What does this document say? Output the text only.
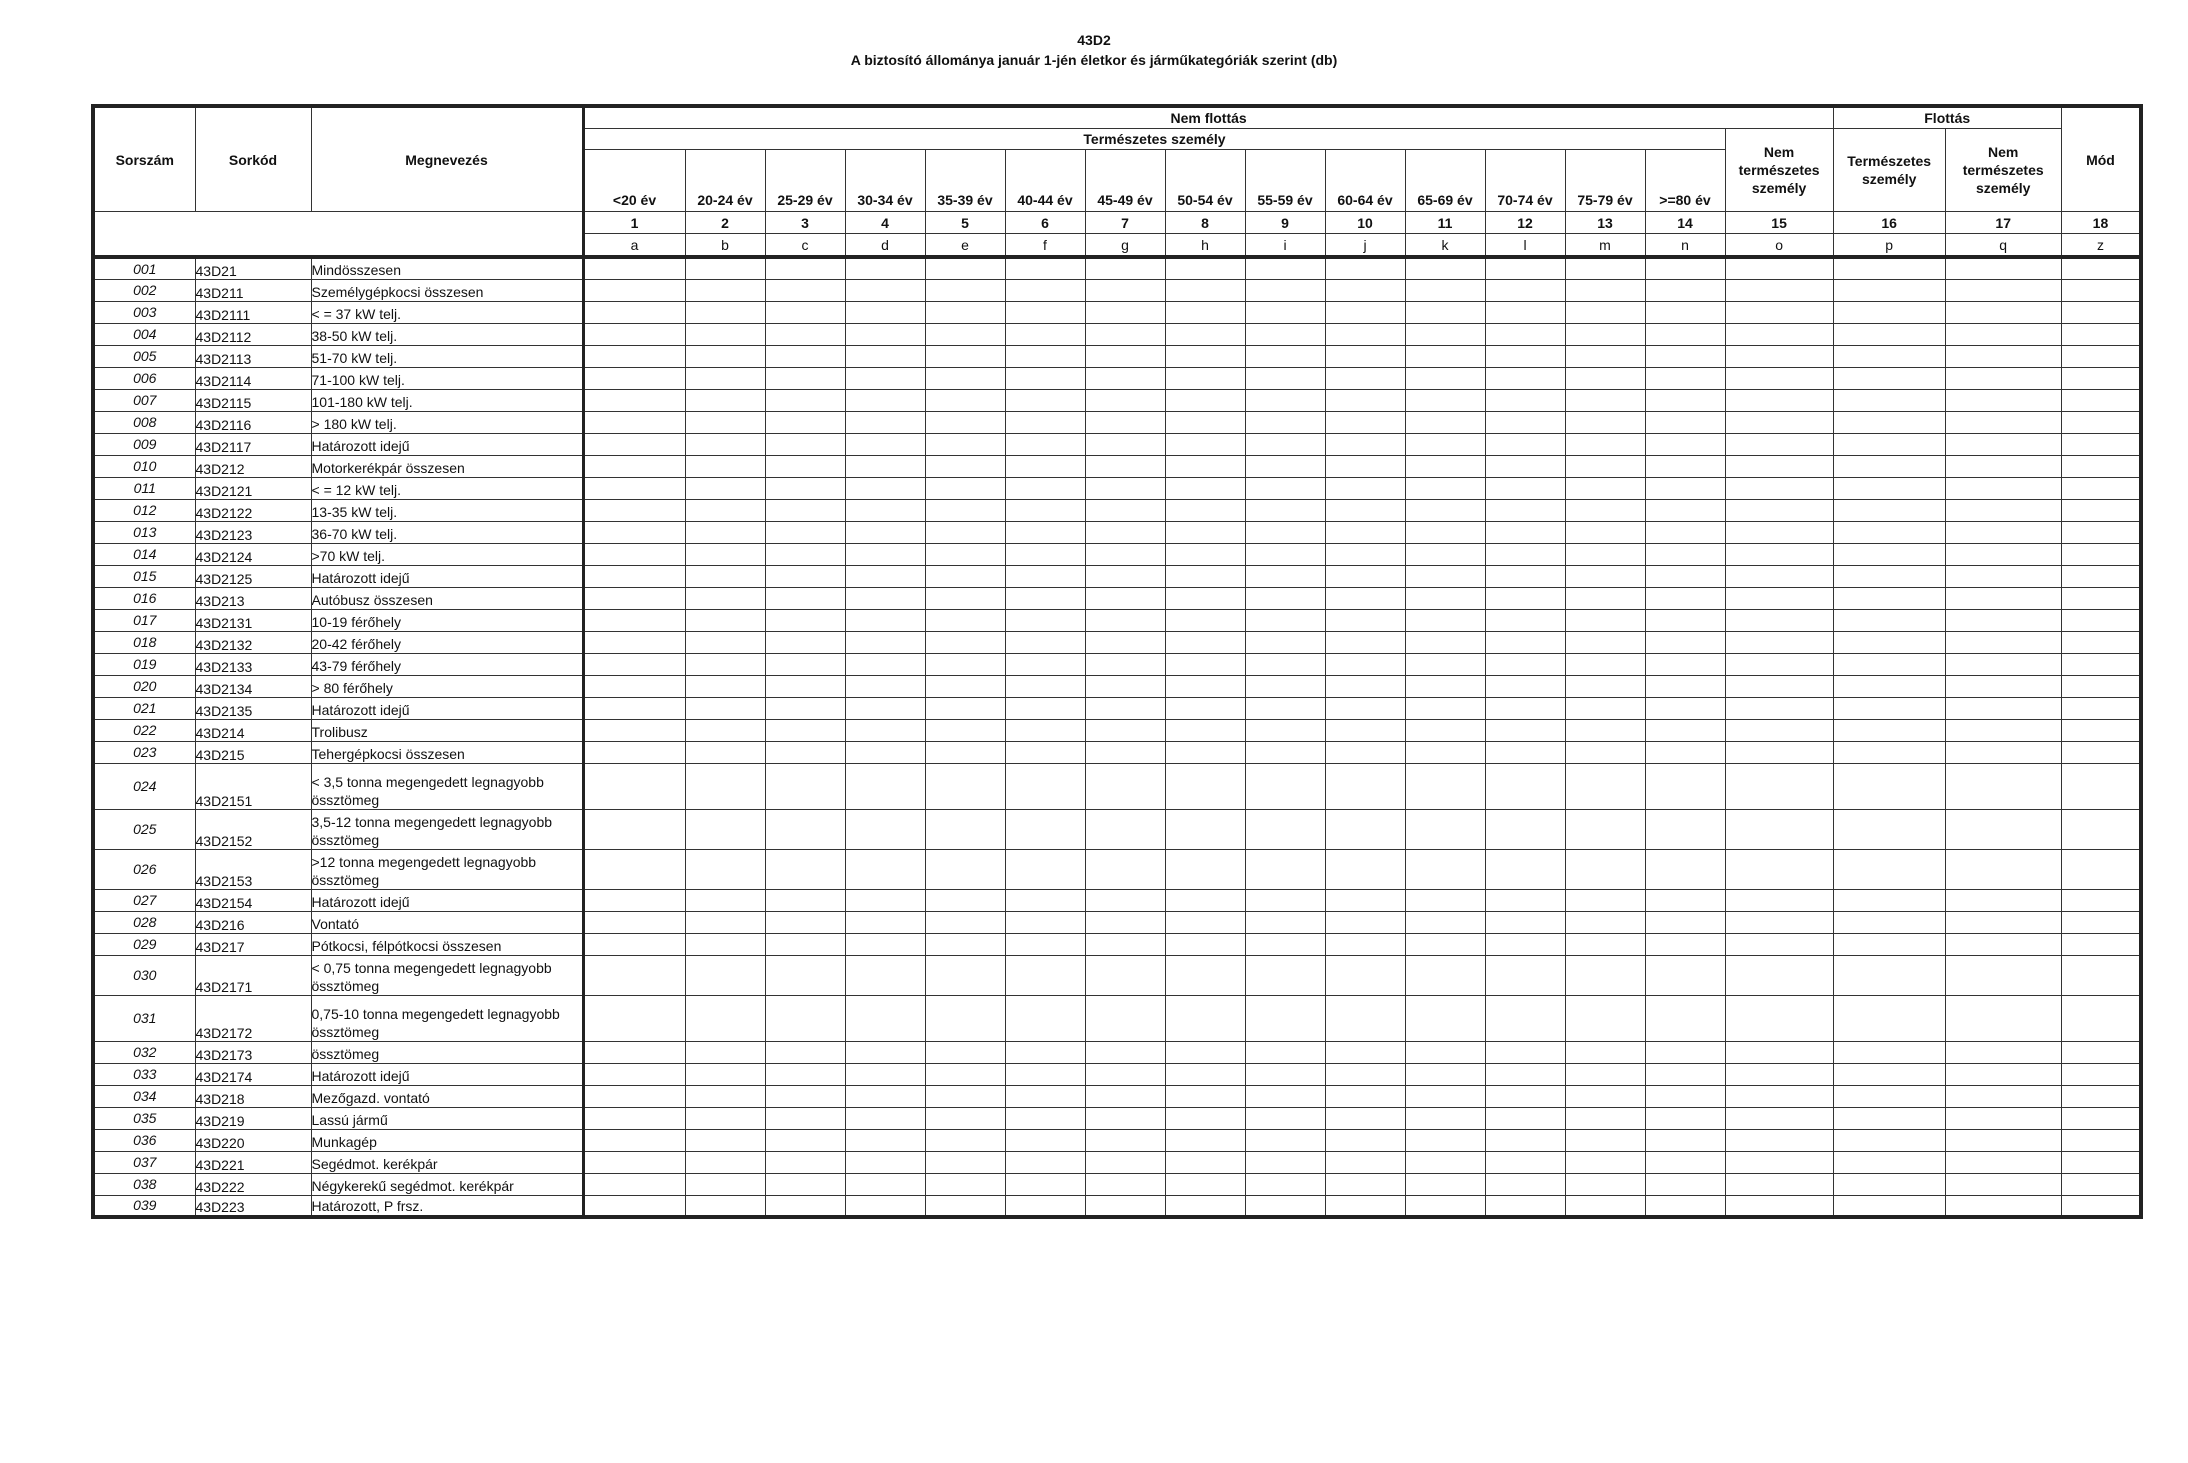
43D2
A biztosító állománya január 1-jén életkor és járműkategóriák szerint (db)
Sorszám	Sorkód	Megnevezés	Nem flottás															Flottás		Mód
			Természetes személy														Nem természetes személy	Természetes személy	Nem természetes személy	
			<20 év	20-24 év	25-29 év	30-34 év	35-39 év	40-44 év	45-49 év	50-54 év	55-59 év	60-64 év	65-69 év	70-74 év	75-79 év	>=80 év				
			1	2	3	4	5	6	7	8	9	10	11	12	13	14	15	16	17	18
			a	b	c	d	e	f	g	h	i	j	k	l	m	n	o	p	q	z
001	43D21	Mindösszesen																		
002	43D211	Személygépkocsi összesen																		
003	43D2111	< = 37 kW telj.																		
004	43D2112	38-50 kW telj.																		
005	43D2113	51-70 kW telj.																		
006	43D2114	71-100 kW telj.																		
007	43D2115	101-180 kW telj.																		
008	43D2116	> 180 kW telj.																		
009	43D2117	Határozott idejű																		
010	43D212	Motorkerékpár összesen																		
011	43D2121	< = 12 kW telj.																		
012	43D2122	13-35 kW telj.																		
013	43D2123	36-70 kW telj.																		
014	43D2124	>70 kW telj.																		
015	43D2125	Határozott idejű																		
016	43D213	Autóbusz összesen																		
017	43D2131	10-19 férőhely																		
018	43D2132	20-42 férőhely																		
019	43D2133	43-79 férőhely																		
020	43D2134	> 80 férőhely																		
021	43D2135	Határozott idejű																		
022	43D214	Trolibusz																		
023	43D215	Tehergépkocsi összesen																		
024	43D2151	< 3,5 tonna megengedett legnagyobb össztömeg																		
025	43D2152	3,5-12 tonna megengedett legnagyobb össztömeg																		
026	43D2153	>12 tonna megengedett legnagyobb össztömeg																		
027	43D2154	Határozott idejű																		
028	43D216	Vontató																		
029	43D217	Pótkocsi, félpótkocsi összesen																		
030	43D2171	< 0,75 tonna megengedett legnagyobb össztömeg																		
031	43D2172	0,75-10 tonna megengedett legnagyobb össztömeg																		
032	43D2173	össztömeg																		
033	43D2174	Határozott idejű																		
034	43D218	Mezőgazd. vontató																		
035	43D219	Lassú jármű																		
036	43D220	Munkagép																		
037	43D221	Segédmot. kerékpár																		
038	43D222	Négykerekű segédmot. kerékpár																		
039	43D223	Határozott, P frsz.																		
